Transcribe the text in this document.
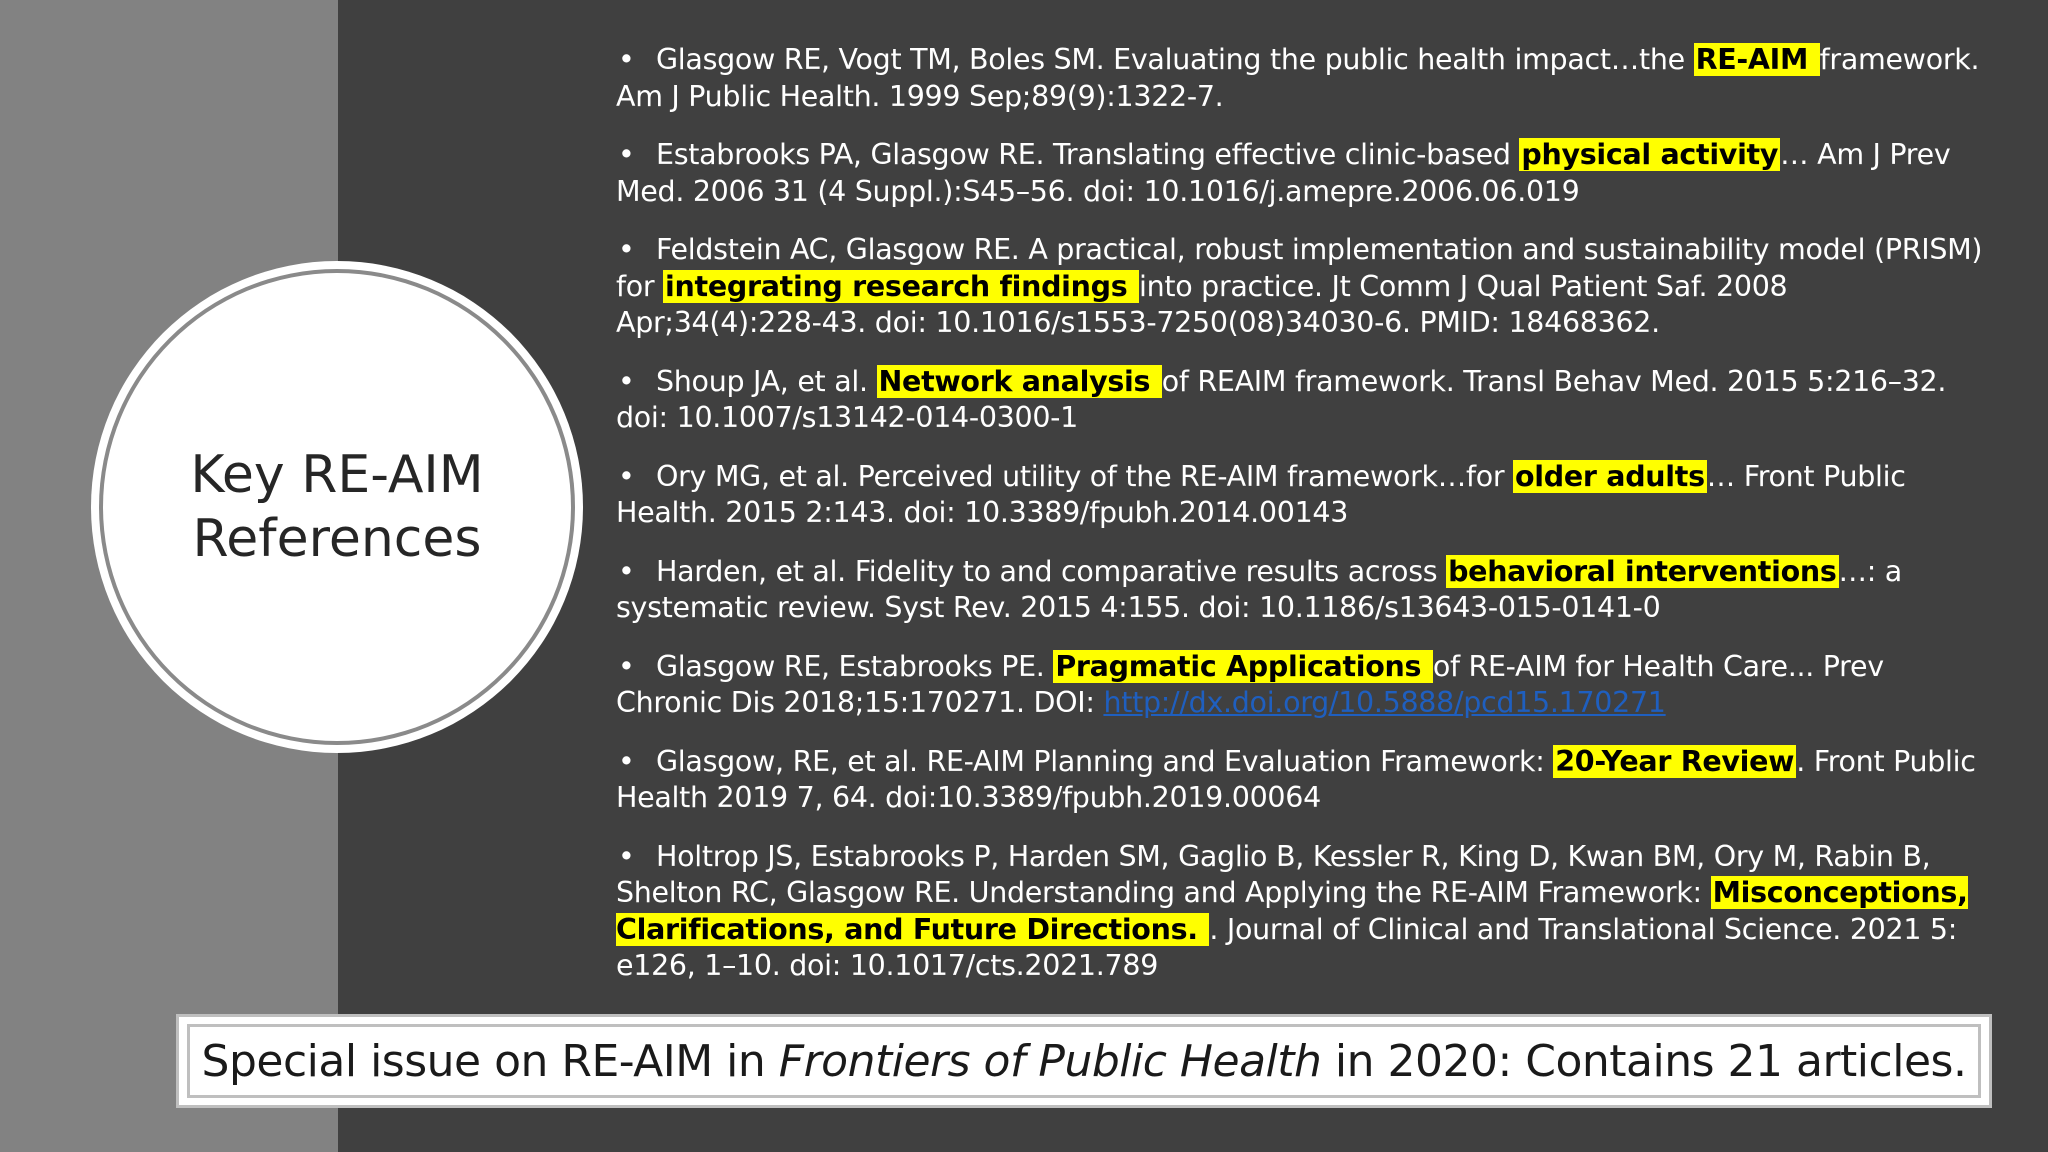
Key RE-AIM
References
• Glasgow RE, Vogt TM, Boles SM. Evaluating the public health impact…the RE-AIM framework. Am J Public Health. 1999 Sep;89(9):1322-7.
• Estabrooks PA, Glasgow RE. Translating effective clinic-based physical activity… Am J Prev Med. 2006 31 (4 Suppl.):S45–56. doi: 10.1016/j.amepre.2006.06.019
• Feldstein AC, Glasgow RE. A practical, robust implementation and sustainability model (PRISM) for integrating research findings into practice. Jt Comm J Qual Patient Saf. 2008 Apr;34(4):228-43. doi: 10.1016/s1553-7250(08)34030-6. PMID: 18468362.
• Shoup JA, et al. Network analysis of REAIM framework. Transl Behav Med. 2015 5:216–32. doi: 10.1007/s13142-014-0300-1
• Ory MG, et al. Perceived utility of the RE-AIM framework…for older adults… Front Public Health. 2015 2:143. doi: 10.3389/fpubh.2014.00143
• Harden, et al. Fidelity to and comparative results across behavioral interventions…: a systematic review. Syst Rev. 2015 4:155. doi: 10.1186/s13643-015-0141-0
• Glasgow RE, Estabrooks PE. Pragmatic Applications of RE-AIM for Health Care... Prev Chronic Dis 2018;15:170271. DOI: http://dx.doi.org/10.5888/pcd15.170271
• Glasgow, RE, et al. RE-AIM Planning and Evaluation Framework: 20-Year Review. Front Public Health 2019 7, 64. doi:10.3389/fpubh.2019.00064
• Holtrop JS, Estabrooks P, Harden SM, Gaglio B, Kessler R, King D, Kwan BM, Ory M, Rabin B, Shelton RC, Glasgow RE. Understanding and Applying the RE-AIM Framework: Misconceptions, Clarifications, and Future Directions. . Journal of Clinical and Translational Science. 2021 5: e126, 1–10. doi: 10.1017/cts.2021.789
Special issue on RE-AIM in Frontiers of Public Health in 2020: Contains 21 articles.
